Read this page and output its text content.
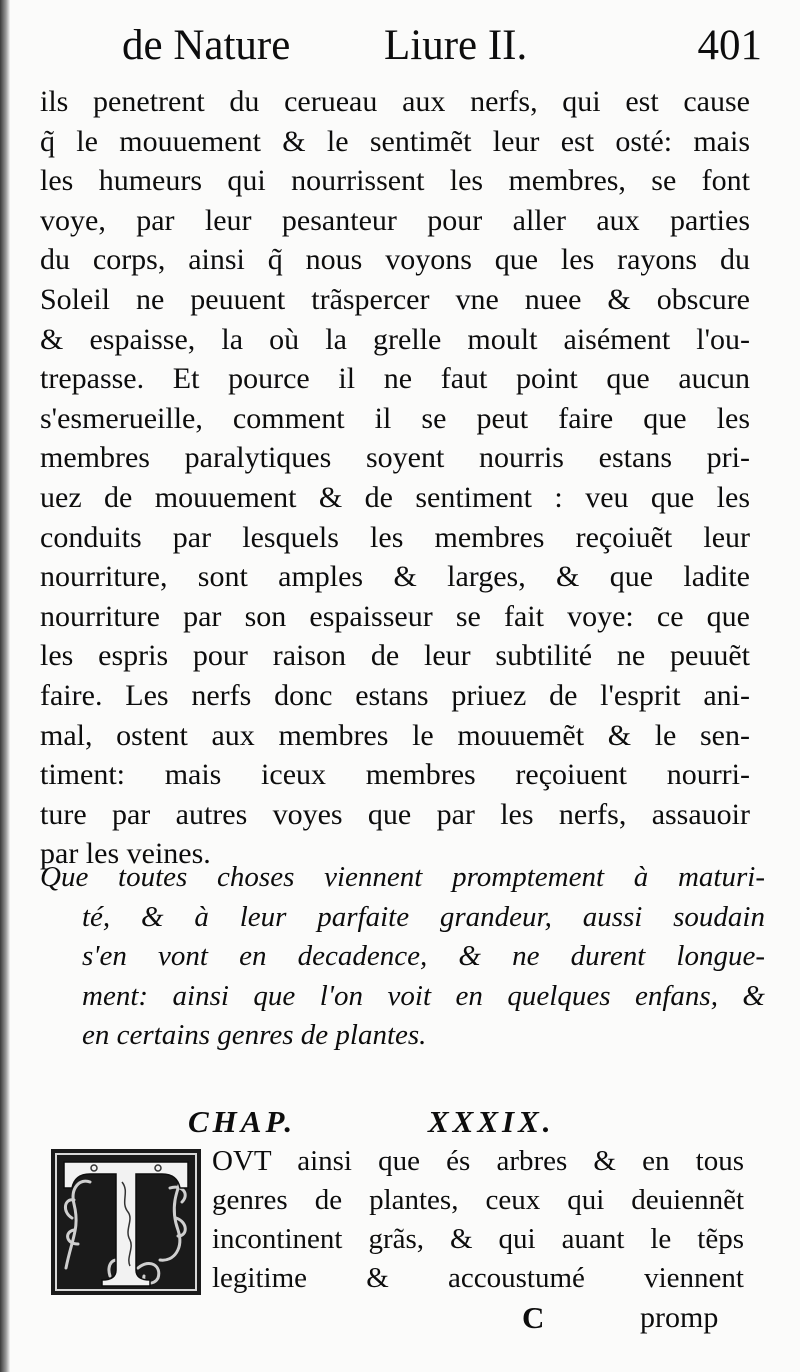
de Nature Liure II.	401
ils penetrent du cerueau aux nerfs, qui est cause
q̃ le mouuement & le sentimẽt leur est osté: mais
les humeurs qui nourrissent les membres, se font
voye, par leur pesanteur pour aller aux parties
du corps, ainsi q̃ nous voyons que les rayons du
Soleil ne peuuent trãspercer vne nuee & obscure
& espaisse, la où la grelle moult aisément l'ou-
trepasse. Et pource il ne faut point que aucun
s'esmerueille, comment il se peut faire que les
membres paralytiques soyent nourris estans pri-
uez de mouuement & de sentiment : veu que les
conduits par lesquels les membres reçoiuẽt leur
nourriture, sont amples & larges, & que ladite
nourriture par son espaisseur se fait voye: ce que
les espris pour raison de leur subtilité ne peuuẽt
faire. Les nerfs donc estans priuez de l'esprit ani-
mal, ostent aux membres le mouuemẽt & le sen-
timent: mais iceux membres reçoiuent nourri-
ture par autres voyes que par les nerfs, assauoir
par les veines.
Que toutes choses viennent promptement à maturi-
té, & à leur parfaite grandeur, aussi soudain
s'en vont en decadence, & ne durent longue-
ment: ainsi que l'on voit en quelques enfans, &
en certains genres de plantes.
CHAP.	XXXIX.
OVT ainsi que és arbres & en tous
genres de plantes, ceux qui deuiennẽt
incontinent grãs, & qui auant le tẽps
legitime & accoustumé viennent
C	promp
